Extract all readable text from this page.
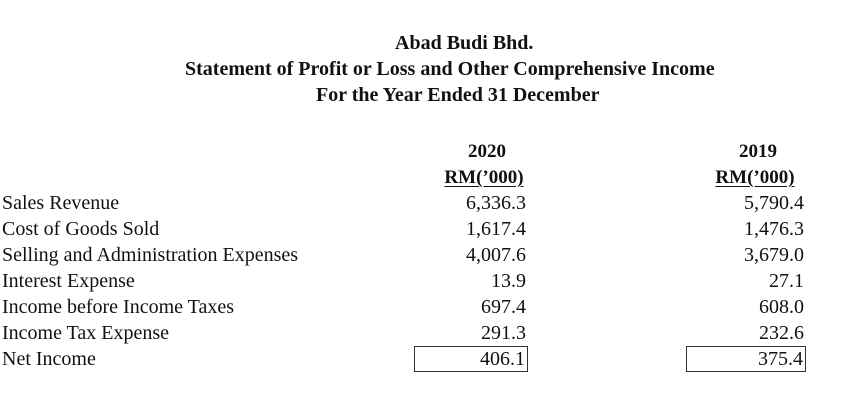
Abad Budi Bhd.
Statement of Profit or Loss and Other Comprehensive Income
For the Year Ended 31 December
2020
RM(’000)
2019
RM(’000)
Sales Revenue
Cost of Goods Sold
Selling and Administration Expenses
Interest Expense
Income before Income Taxes
Income Tax Expense
Net Income
6,336.3
1,617.4
4,007.6
13.9
697.4
291.3
406.1
5,790.4
1,476.3
3,679.0
27.1
608.0
232.6
375.4
